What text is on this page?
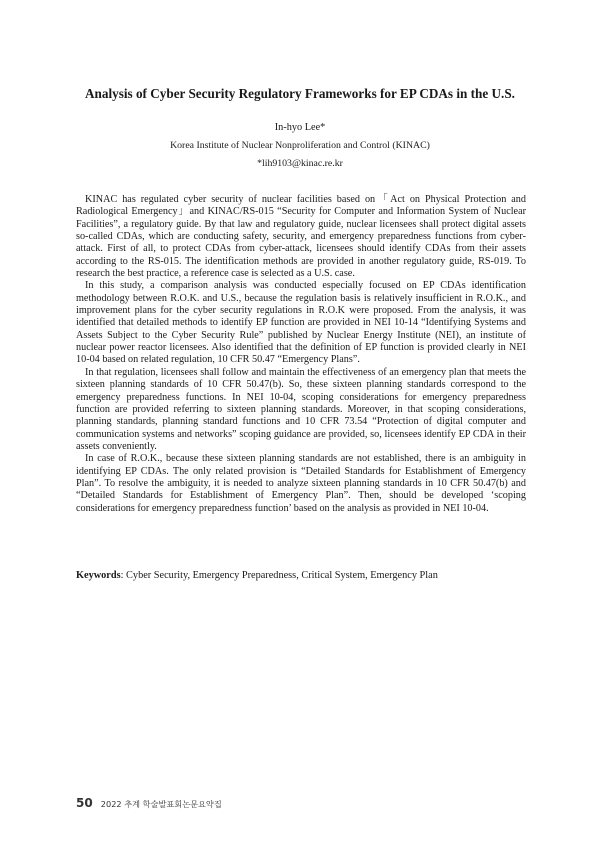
Analysis of Cyber Security Regulatory Frameworks for EP CDAs in the U.S.
In-hyo Lee*
Korea Institute of Nuclear Nonproliferation and Control (KINAC)
*lih9103@kinac.re.kr

KINAC has regulated cyber security of nuclear facilities based on「Act on Physical Protection and Radiological Emergency」and KINAC/RS-015 “Security for Computer and Information System of Nuclear Facilities”, a regulatory guide. By that law and regulatory guide, nuclear licensees shall protect digital assets so-called CDAs, which are conducting safety, security, and emergency preparedness functions from cyber-attack. First of all, to protect CDAs from cyber-attack, licensees should identify CDAs from their assets according to the RS-015. The identification methods are provided in another regulatory guide, RS-019. To research the best practice, a reference case is selected as a U.S. case.

In this study, a comparison analysis was conducted especially focused on EP CDAs identification methodology between R.O.K. and U.S., because the regulation basis is relatively insufficient in R.O.K., and improvement plans for the cyber security regulations in R.O.K were proposed. From the analysis, it was identified that detailed methods to identify EP function are provided in NEI 10-14 “Identifying Systems and Assets Subject to the Cyber Security Rule” published by Nuclear Energy Institute (NEI), an institute of nuclear power reactor licensees. Also identified that the definition of EP function is provided clearly in NEI 10-04 based on related regulation, 10 CFR 50.47 “Emergency Plans”.

In that regulation, licensees shall follow and maintain the effectiveness of an emergency plan that meets the sixteen planning standards of 10 CFR 50.47(b). So, these sixteen planning standards correspond to the emergency preparedness functions. In NEI 10-04, scoping considerations for emergency preparedness function are provided referring to sixteen planning standards. Moreover, in that scoping considerations, planning standards, planning standard functions and 10 CFR 73.54 “Protection of digital computer and communication systems and networks” scoping guidance are provided, so, licensees identify EP CDA in their assets conveniently.

In case of R.O.K., because these sixteen planning standards are not established, there is an ambiguity in identifying EP CDAs. The only related provision is “Detailed Standards for Establishment of Emergency Plan”. To resolve the ambiguity, it is needed to analyze sixteen planning standards in 10 CFR 50.47(b) and “Detailed Standards for Establishment of Emergency Plan”. Then, should be developed ‘scoping considerations for emergency preparedness function’ based on the analysis as provided in NEI 10-04.

Keywords: Cyber Security, Emergency Preparedness, Critical System, Emergency Plan
50 2022 추계 학술발표회논문요약집
